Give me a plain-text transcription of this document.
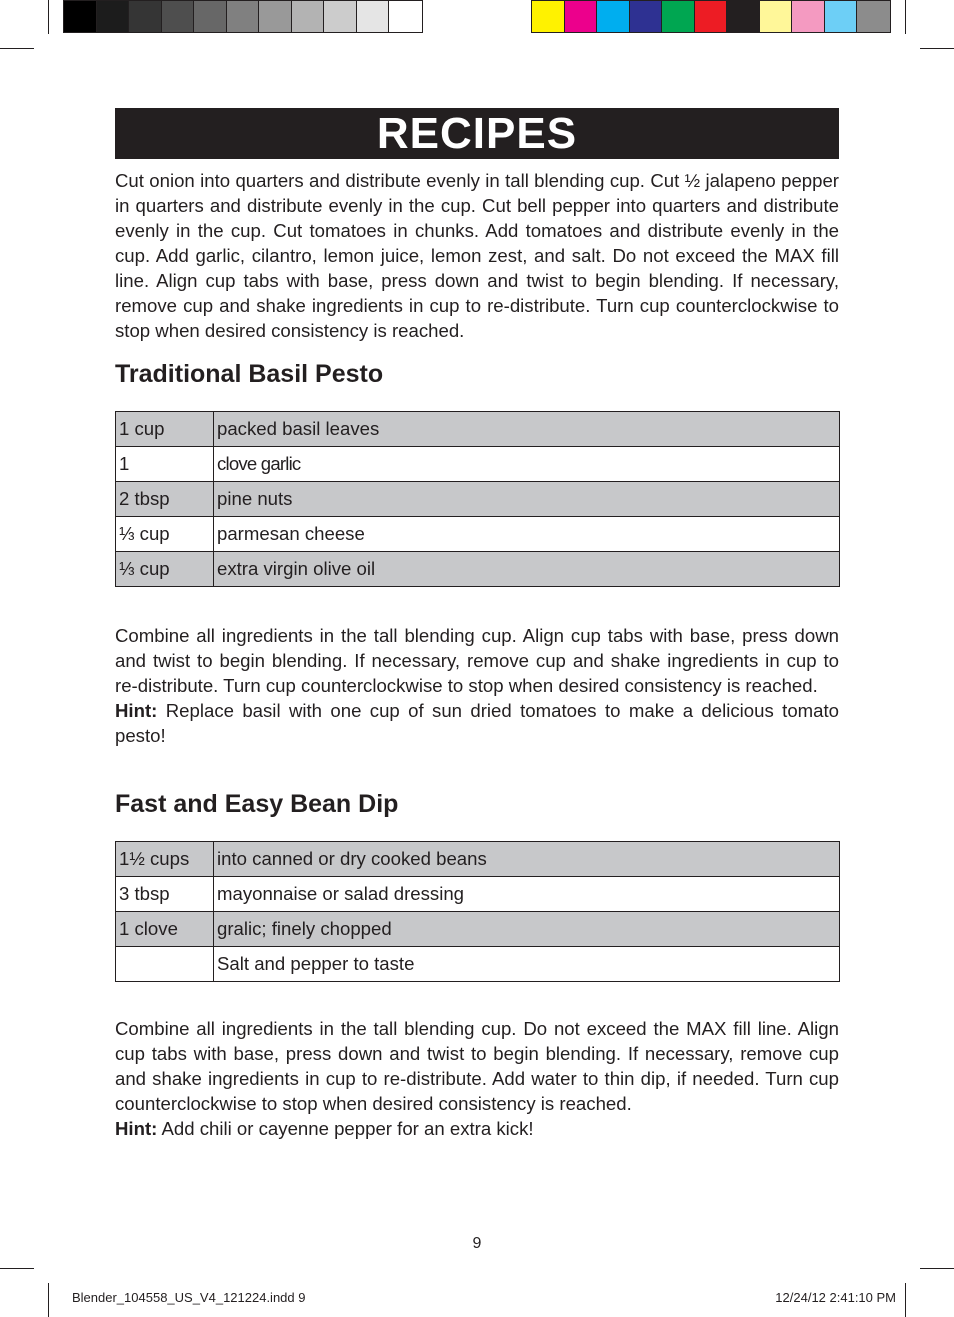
RECIPES

Cut onion into quarters and distribute evenly in tall blending cup. Cut ½ jalapeno pepper in quarters and distribute evenly in the cup. Cut bell pepper into quarters and distribute evenly in the cup. Cut tomatoes in chunks. Add tomatoes and distribute evenly in the cup. Add garlic, cilantro, lemon juice, lemon zest, and salt. Do not exceed the MAX fill line. Align cup tabs with base, press down and twist to begin blending. If necessary, remove cup and shake ingredients in cup to re-distribute. Turn cup counterclockwise to stop when desired consistency is reached.

Traditional Basil Pesto
1 cup	packed basil leaves
1	clove garlic
2 tbsp	pine nuts
⅓ cup	parmesan cheese
⅓ cup	extra virgin olive oil
Combine all ingredients in the tall blending cup. Align cup tabs with base, press down and twist to begin blending. If necessary, remove cup and shake ingredients in cup to re-distribute. Turn cup counterclockwise to stop when desired consistency is reached.
Hint: Replace basil with one cup of sun dried tomatoes to make a delicious tomato pesto!
Fast and Easy Bean Dip
1½ cups	into canned or dry cooked beans
3 tbsp	mayonnaise or salad dressing
1 clove	gralic; finely chopped
	Salt and pepper to taste
Combine all ingredients in the tall blending cup. Do not exceed the MAX fill line. Align cup tabs with base, press down and twist to begin blending. If necessary, remove cup and shake ingredients in cup to re-distribute. Add water to thin dip, if needed. Turn cup counterclockwise to stop when desired consistency is reached.
Hint: Add chili or cayenne pepper for an extra kick!
9
Blender_104558_US_V4_121224.indd 9	12/24/12 2:41:10 PM
